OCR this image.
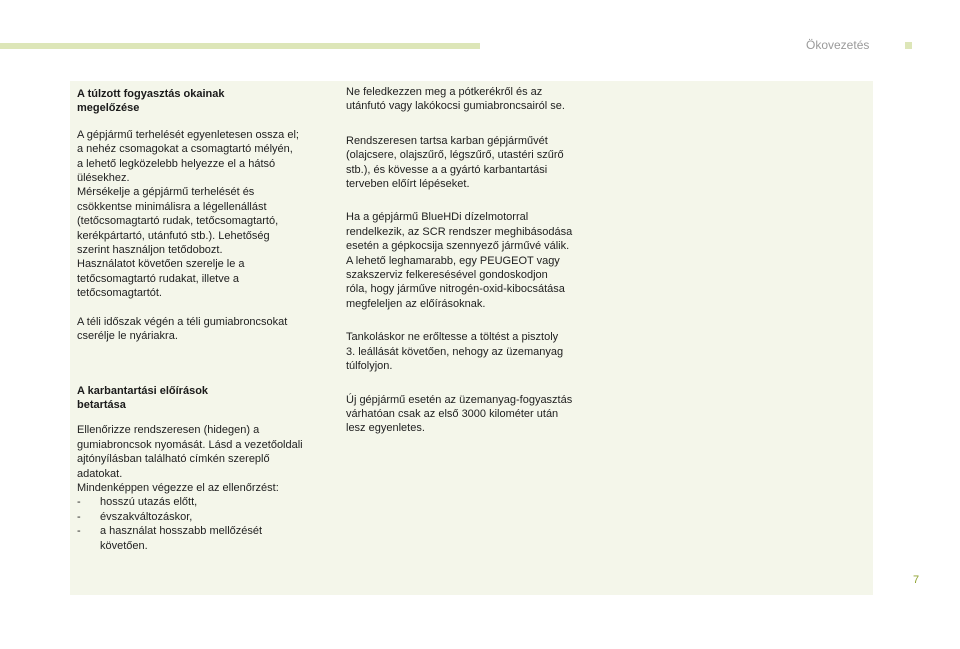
Ökovezetés
A túlzott fogyasztás okainak
megelőzése

A gépjármű terhelését egyenletesen ossza el;
a nehéz csomagokat a csomagtartó mélyén,
a lehető legközelebb helyezze el a hátsó
ülésekhez.
Mérsékelje a gépjármű terhelését és
csökkentse minimálisra a légellenállást
(tetőcsomagtartó rudak, tetőcsomagtartó,
kerékpártartó, utánfutó stb.). Lehetőség
szerint használjon tetődobozt.
Használatot követően szerelje le a
tetőcsomagtartó rudakat, illetve a
tetőcsomagtartót.

A téli időszak végén a téli gumiabroncsokat
cserélje le nyáriakra.

A karbantartási előírások
betartása

Ellenőrizze rendszeresen (hidegen) a
gumiabroncsok nyomását. Lásd a vezetőoldali
ajtónyílásban található címkén szereplő
adatokat.
Mindenképpen végezze el az ellenőrzést:

- hosszú utazás előtt,
- évszakváltozáskor,
- a használat hosszabb mellőzését
követően.

Ne feledkezzen meg a pótkerékről és az
utánfutó vagy lakókocsi gumiabroncsairól se.

Rendszeresen tartsa karban gépjárművét
(olajcsere, olajszűrő, légszűrő, utastéri szűrő
stb.), és kövesse a a gyártó karbantartási
terveben előírt lépéseket.

Ha a gépjármű BlueHDi dízelmotorral
rendelkezik, az SCR rendszer meghibásodása
esetén a gépkocsija szennyező járművé válik.
A lehető leghamarabb, egy PEUGEOT vagy
szakszerviz felkeresésével gondoskodjon
róla, hogy járműve nitrogén-oxid-kibocsátása
megfeleljen az előírásoknak.

Tankoláskor ne erőltesse a töltést a pisztoly
3. leállását követően, nehogy az üzemanyag
túlfolyjon.

Új gépjármű esetén az üzemanyag-fogyasztás
várhatóan csak az első 3000 kilométer után
lesz egyenletes.

7
